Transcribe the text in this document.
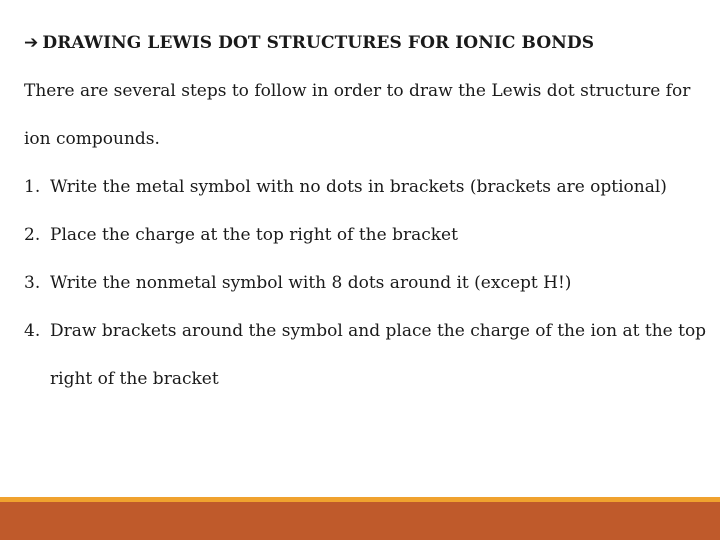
➔ DRAWING LEWIS DOT STRUCTURES FOR IONIC BONDS
There are several steps to follow in order to draw the Lewis dot structure for
ion compounds.
1. Write the metal symbol with no dots in brackets (brackets are optional)
2. Place the charge at the top right of the bracket
3. Write the nonmetal symbol with 8 dots around it (except H!)
4. Draw brackets around the symbol and place the charge of the ion at the top
right of the bracket
